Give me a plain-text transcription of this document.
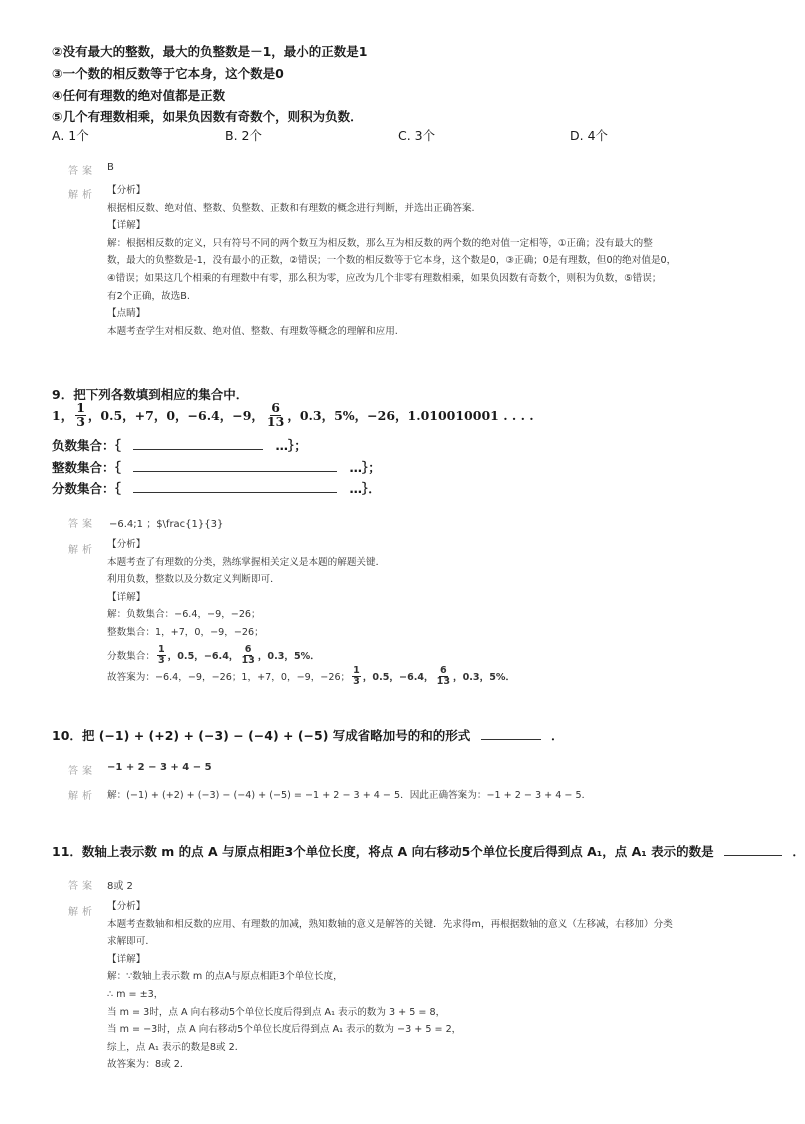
②没有最大的整数，最大的负整数是－1，最小的正数是1
③一个数的相反数等于它本身，这个数是0
④任何有理数的绝对值都是正数
⑤几个有理数相乘，如果负因数有奇数个，则积为负数．
A. 1个	B. 2个	C. 3个	D. 4个
答案 B
解析 【分析】
根据相反数、绝对值、整数、负整数、正数和有理数的概念进行判断，并选出正确答案.
【详解】
解：根据相反数的定义，只有符号不同的两个数互为相反数，那么互为相反数的两个数的绝对值一定相等，①正确；没有最大的整
数，最大的负整数是-1，没有最小的正数，②错误；一个数的相反数等于它本身，这个数是0，③正确；0是有理数，但0的绝对值是0，
④错误；如果这几个相乘的有理数中有零，那么积为零，应改为几个非零有理数相乘，如果负因数有奇数个，则积为负数，⑤错误；
有2个正确，故选B.
【点睛】
本题考查学生对相反数、绝对值、整数、有理数等概念的理解和应用.
9．把下列各数填到相应的集合中．
1， $\frac{1}{3}$ ，0.5，+7，0，−6.4，−9， $\frac{6}{13}$ ，0.3，5%，−26，1.010010001 . . . .
负数集合：｛	…｝；
整数集合：｛	…｝；
分数集合：｛	…｝．
答案 −6.4;1 ；$\frac{1}{3}
解析
【分析】
本题考查了有理数的分类，熟练掌握相关定义是本题的解题关键．
利用负数，整数以及分数定义判断即可．
【详解】
解：负数集合：−6.4，−9，−26；
整数集合：1，+7，0，−9，−26；
分数集合： $\frac{1}{3}$ ，0.5，−6.4， $\frac{6}{13}$ ，0.3，5%．
故答案为：−6.4，−9，−26；1，+7，0，−9，−26； $\frac{1}{3}$ ，0.5，−6.4， $\frac{6}{13}$ ，0.3，5%．
10．把 (−1) + (+2) + (−3) − (−4) + (−5) 写成省略加号的和的形式	．
答案 −1 + 2 − 3 + 4 − 5
解析 解：(−1) + (+2) + (−3) − (−4) + (−5) = −1 + 2 − 3 + 4 − 5．因此正确答案为：−1 + 2 − 3 + 4 − 5．
11．数轴上表示数 m 的点 A 与原点相距3个单位长度，将点 A 向右移动5个单位长度后得到点 A₁，点 A₁ 表示的数是	．
答案 8或 2
解析
【分析】
本题考查数轴和相反数的应用、有理数的加减，熟知数轴的意义是解答的关键．先求得m，再根据数轴的意义（左移减，右移加）分类
求解即可．
【详解】
解：∵数轴上表示数 m 的点A与原点相距3个单位长度，
∴ m = ±3，
当 m = 3时，点 A 向右移动5个单位长度后得到点 A₁ 表示的数为 3 + 5 = 8，
当 m = −3时，点 A 向右移动5个单位长度后得到点 A₁ 表示的数为 −3 + 5 = 2，
综上，点 A₁ 表示的数是8或 2．
故答案为：8或 2．
